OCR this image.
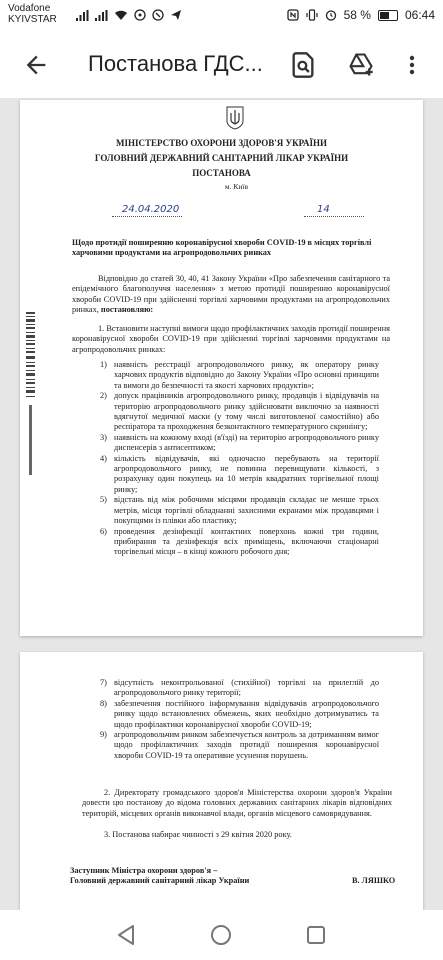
Vodafone
KYIVSTAR	58 %	06:44
Постанова ГДС...
МІНІСТЕРСТВО ОХОРОНИ ЗДОРОВ'Я УКРАЇНИ
ГОЛОВНИЙ ДЕРЖАВНИЙ САНІТАРНИЙ ЛІКАР УКРАЇНИ
ПОСТАНОВА
м. Київ
24.04.2020	14
Щодо протидії поширенню коронавірусної хвороби COVID-19 в місцях торгівлі харчовими продуктами на агропродовольчих ринках
Відповідно до статей 30, 40, 41 Закону України «Про забезпечення санітарного та епідемічного благополуччя населення» з метою протидії поширенню коронавірусної хвороби COVID-19 при здійсненні торгівлі харчовими продуктами на агропродовольчих ринках, постановляю:
1. Встановити наступні вимоги щодо профілактичних заходів протидії поширення коронавірусної хвороби COVID-19 при здійсненні торгівлі харчовими продуктами на агропродовольчих ринках:
1) наявність реєстрації агропродовольчого ринку, як оператору ринку харчових продуктів відповідно до Закону України «Про основні принципи та вимоги до безпечності та якості харчових продуктів»;
2) допуск працівників агропродовольчого ринку, продавців і відвідувачів на територію агропродовольчого ринку здійснювати виключно за наявності вдягнутої медичної маски (у тому числі виготовленої самостійно) або респіратора та проходження безконтактного температурного скринінгу;
3) наявність на кожному вході (в'їзді) на територію агропродовольчого ринку диспенсерів з антисептиком;
4) кількість відвідувачів, які одночасно перебувають на території агропродовольчого ринку, не повинна перевищувати кількості, з розрахунку один покупець на 10 метрів квадратних торгівельної площі ринку;
5) відстань від між робочими місцями продавців складає не менше трьох метрів, місця торгівлі обладнанні захисними екранами між продавцями і покупцями із плівки або пластику;
6) проведення дезінфекції контактних поверхонь кожні три години, прибирання та дезінфекція всіх приміщень, включаючи стаціонарні торгівельні місця – в кінці кожного робочого дня;
7) відсутність неконтрольованої (стихійної) торгівлі на прилеглій до агропродовольчого ринку території;
8) забезпечення постійного інформування відвідувачів агропродовольчого ринку щодо встановлених обмежень, яких необхідно дотримуватись та щодо профілактики коронавірусної хвороби COVID-19;
9) агропродовольчим ринком забезпечується контроль за дотриманням вимог щодо профілактичних заходів протидії поширення коронавірусної хвороби COVID-19 та оперативне усунення порушень.
2. Директорату громадського здоров'я Міністерства охорони здоров'я України довести цю постанову до відома головних державних санітарних лікарів відповідних територій, місцевих органів виконавчої влади, органів місцевого самоврядування.
3. Постанова набирає чинності з 29 квітня 2020 року.
Заступник Міністра охорони здоров'я –
Головний державний санітарний лікар України	В. ЛЯШКО
